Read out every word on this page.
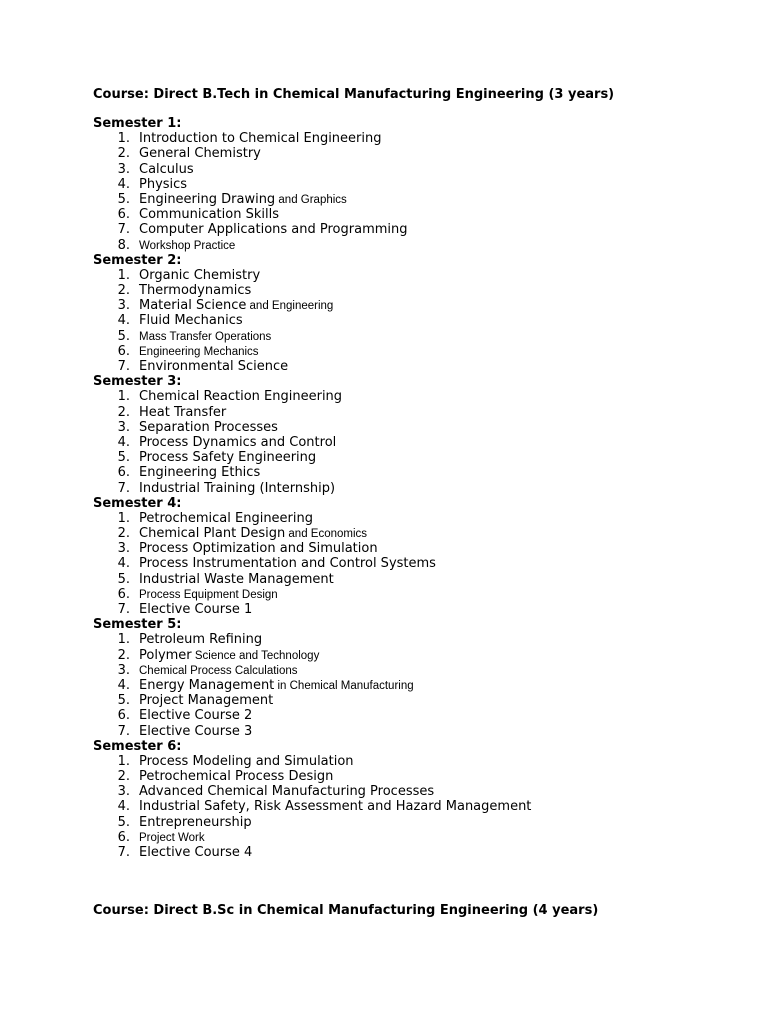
Course: Direct B.Tech in Chemical Manufacturing Engineering (3 years)

Semester 1:

1. Introduction to Chemical Engineering
2. General Chemistry
3. Calculus
4. Physics
5. Engineering Drawing and Graphics
6. Communication Skills
7. Computer Applications and Programming
8. Workshop Practice

Semester 2:

1. Organic Chemistry
2. Thermodynamics
3. Material Science and Engineering
4. Fluid Mechanics
5. Mass Transfer Operations
6. Engineering Mechanics
7. Environmental Science

Semester 3:

1. Chemical Reaction Engineering
2. Heat Transfer
3. Separation Processes
4. Process Dynamics and Control
5. Process Safety Engineering
6. Engineering Ethics
7. Industrial Training (Internship)

Semester 4:

1. Petrochemical Engineering
2. Chemical Plant Design and Economics
3. Process Optimization and Simulation
4. Process Instrumentation and Control Systems
5. Industrial Waste Management
6. Process Equipment Design
7. Elective Course 1

Semester 5:

1. Petroleum Refining
2. Polymer Science and Technology
3. Chemical Process Calculations
4. Energy Management in Chemical Manufacturing
5. Project Management
6. Elective Course 2
7. Elective Course 3

Semester 6:

1. Process Modeling and Simulation
2. Petrochemical Process Design
3. Advanced Chemical Manufacturing Processes
4. Industrial Safety, Risk Assessment and Hazard Management
5. Entrepreneurship
6. Project Work
7. Elective Course 4

Course: Direct B.Sc in Chemical Manufacturing Engineering (4 years)
